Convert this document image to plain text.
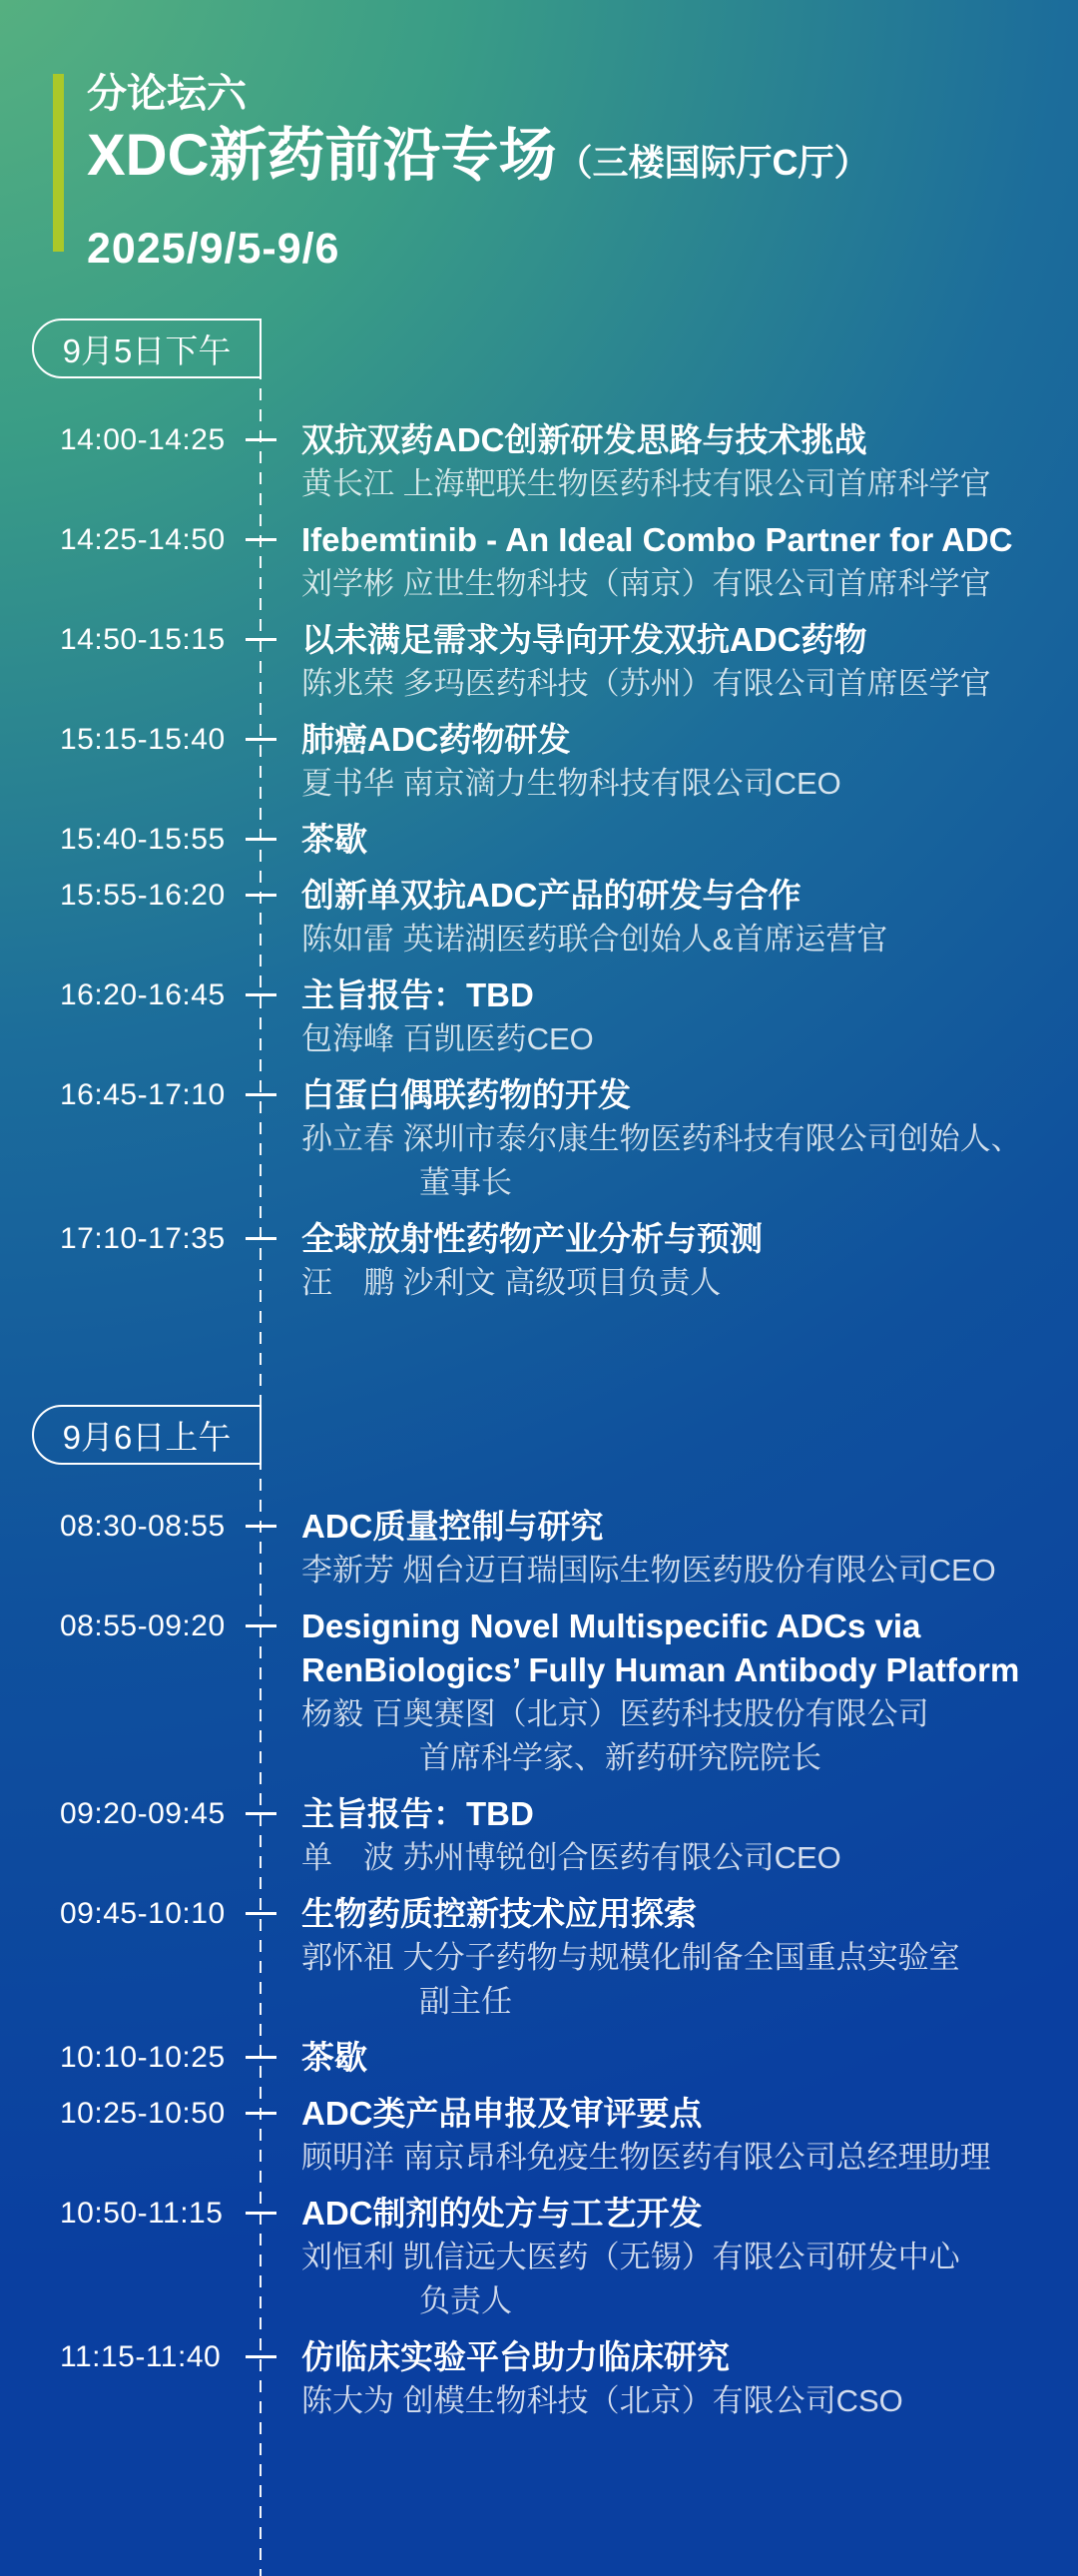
分论坛六
XDC新药前沿专场（三楼国际厅C厅）
2025/9/5-9/6
9月5日下午
14:00-14:25	双抗双药ADC创新研发思路与技术挑战
黄长江 上海靶联生物医药科技有限公司首席科学官
14:25-14:50	Ifebemtinib - An Ideal Combo Partner for ADC
刘学彬 应世生物科技（南京）有限公司首席科学官
14:50-15:15	以未满足需求为导向开发双抗ADC药物
陈兆荣 多玛医药科技（苏州）有限公司首席医学官
15:15-15:40	肺癌ADC药物研发
夏书华 南京滴力生物科技有限公司CEO
15:40-15:55	茶歇
15:55-16:20	创新单双抗ADC产品的研发与合作
陈如雷 英诺湖医药联合创始人&首席运营官
16:20-16:45	主旨报告：TBD
包海峰 百凯医药CEO
16:45-17:10	白蛋白偶联药物的开发
孙立春 深圳市泰尔康生物医药科技有限公司创始人、
董事长
17:10-17:35	全球放射性药物产业分析与预测
汪　鹏 沙利文 高级项目负责人
9月6日上午
08:30-08:55	ADC质量控制与研究
李新芳 烟台迈百瑞国际生物医药股份有限公司CEO
08:55-09:20	Designing Novel Multispecific ADCs via
RenBiologics’ Fully Human Antibody Platform
杨毅 百奥赛图（北京）医药科技股份有限公司
首席科学家、新药研究院院长
09:20-09:45	主旨报告：TBD
单　波 苏州博锐创合医药有限公司CEO
09:45-10:10	生物药质控新技术应用探索
郭怀祖 大分子药物与规模化制备全国重点实验室
副主任
10:10-10:25	茶歇
10:25-10:50	ADC类产品申报及审评要点
顾明洋 南京昂科免疫生物医药有限公司总经理助理
10:50-11:15	ADC制剂的处方与工艺开发
刘恒利 凯信远大医药（无锡）有限公司研发中心
负责人
11:15-11:40	仿临床实验平台助力临床研究
陈大为 创模生物科技（北京）有限公司CSO
